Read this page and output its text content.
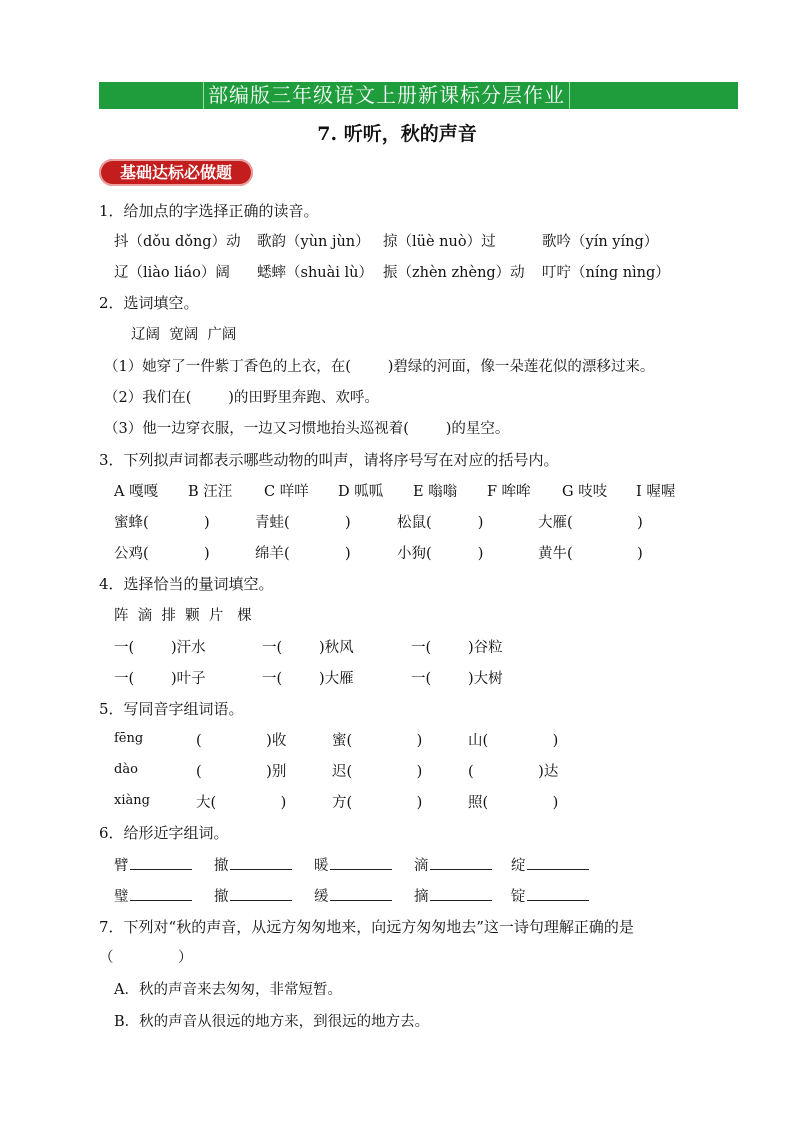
部编版三年级语文上册新课标分层作业
7. 听听，秋的声音
基础达标必做题
1．给加点的字选择正确的读音。
抖（dǒu dǒng）动 歌韵（yùn jùn） 掠（lüè nuò）过	歌吟（yín yíng）
辽（liào liáo）阔 蟋蟀（shuài lù） 振（zhèn zhèng）动 叮咛（níng nìng）
2．选词填空。
辽阔  宽阔  广阔
（1）她穿了一件紫丁香色的上衣，在(        )碧绿的河面，像一朵莲花似的漂移过来。
（2）我们在(        )的田野里奔跑、欢呼。
（3）他一边穿衣服，一边又习惯地抬头巡视着(        )的星空。
3．下列拟声词都表示哪些动物的叫声，请将序号写在对应的括号内。
A 嘎嘎 B 汪汪 C 咩咩 D 呱呱 E 嗡嗡 F 哞哞 G 吱吱 I 喔喔
蜜蜂(            )	青蛙(            )	松鼠(          )	大雁(              )
公鸡(            )	绵羊(            )	小狗(          )	黄牛(              )
4．选择恰当的量词填空。
阵  滴  排  颗  片   棵
一(        )汗水	一(        )秋风	一(        )谷粒
一(        )叶子	一(        )大雁	一(        )大树
5．写同音字组词语。
fēng	(              )收	蜜(              )	山(              )
dào	(              )别	迟(              )	(              )达
xiàng	大(              )	方(              )	照(              )
6．给形近字组词。
臂	撤	暖	滴	绽
璧	撤	缓	摘	锭
7．下列对“秋的声音，从远方匆匆地来，向远方匆匆地去”这一诗句理解正确的是
（              ）
A．秋的声音来去匆匆，非常短暂。
B．秋的声音从很远的地方来，到很远的地方去。
